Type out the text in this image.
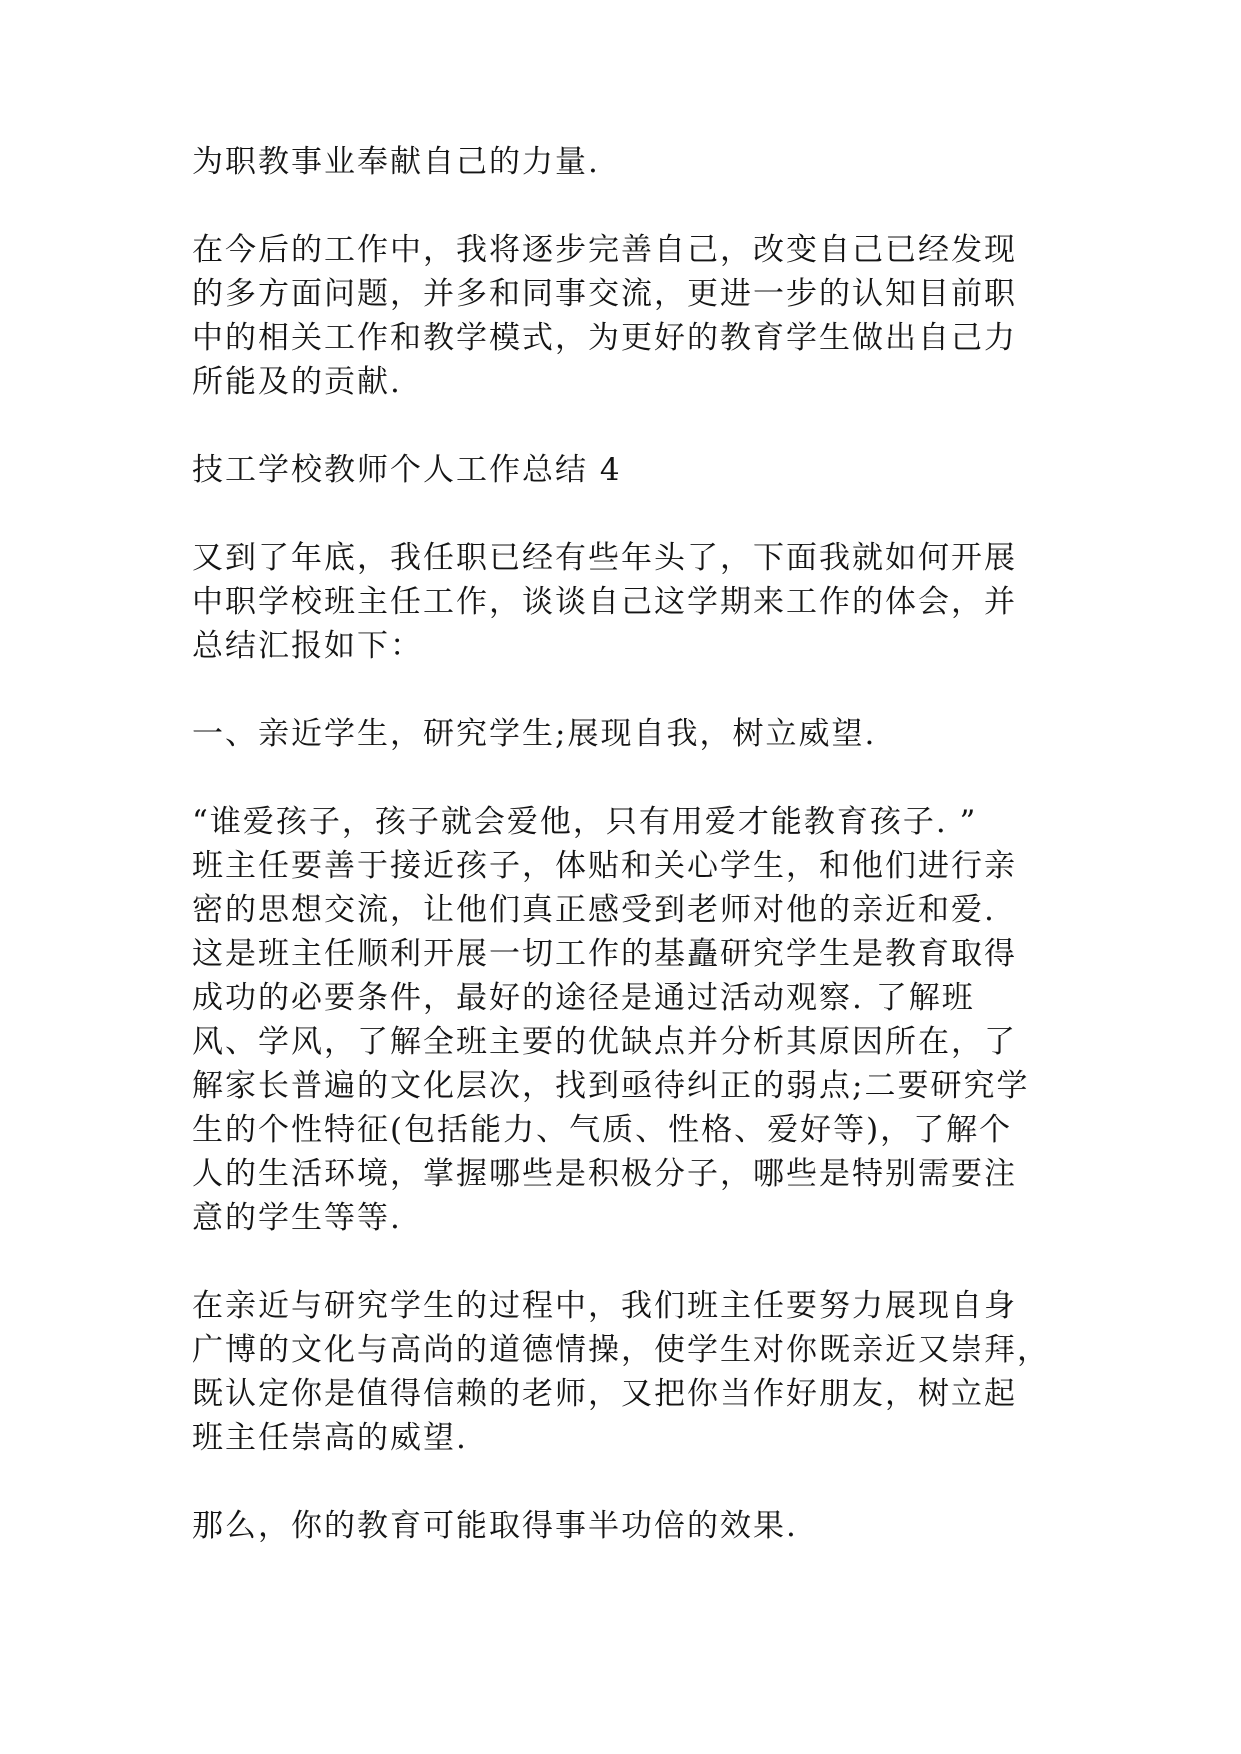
为职教事业奉献自己的力量.

在今后的工作中，我将逐步完善自己，改变自己已经发现
的多方面问题，并多和同事交流，更进一步的认知目前职
中的相关工作和教学模式，为更好的教育学生做出自己力
所能及的贡献.

技工学校教师个人工作总结 4

又到了年底，我任职已经有些年头了，下面我就如何开展
中职学校班主任工作，谈谈自己这学期来工作的体会，并
总结汇报如下：

一、亲近学生，研究学生;展现自我，树立威望.

“谁爱孩子，孩子就会爱他，只有用爱才能教育孩子. ”
班主任要善于接近孩子，体贴和关心学生，和他们进行亲
密的思想交流，让他们真正感受到老师对他的亲近和爱.
这是班主任顺利开展一切工作的基矗研究学生是教育取得
成功的必要条件，最好的途径是通过活动观察. 了解班
风、学风，了解全班主要的优缺点并分析其原因所在，了
解家长普遍的文化层次，找到亟待纠正的弱点;二要研究学
生的个性特征(包括能力、气质、性格、爱好等)，了解个
人的生活环境，掌握哪些是积极分子，哪些是特别需要注
意的学生等等.

在亲近与研究学生的过程中，我们班主任要努力展现自身
广博的文化与高尚的道德情操，使学生对你既亲近又崇拜，
既认定你是值得信赖的老师，又把你当作好朋友，树立起
班主任崇高的威望.

那么，你的教育可能取得事半功倍的效果.
